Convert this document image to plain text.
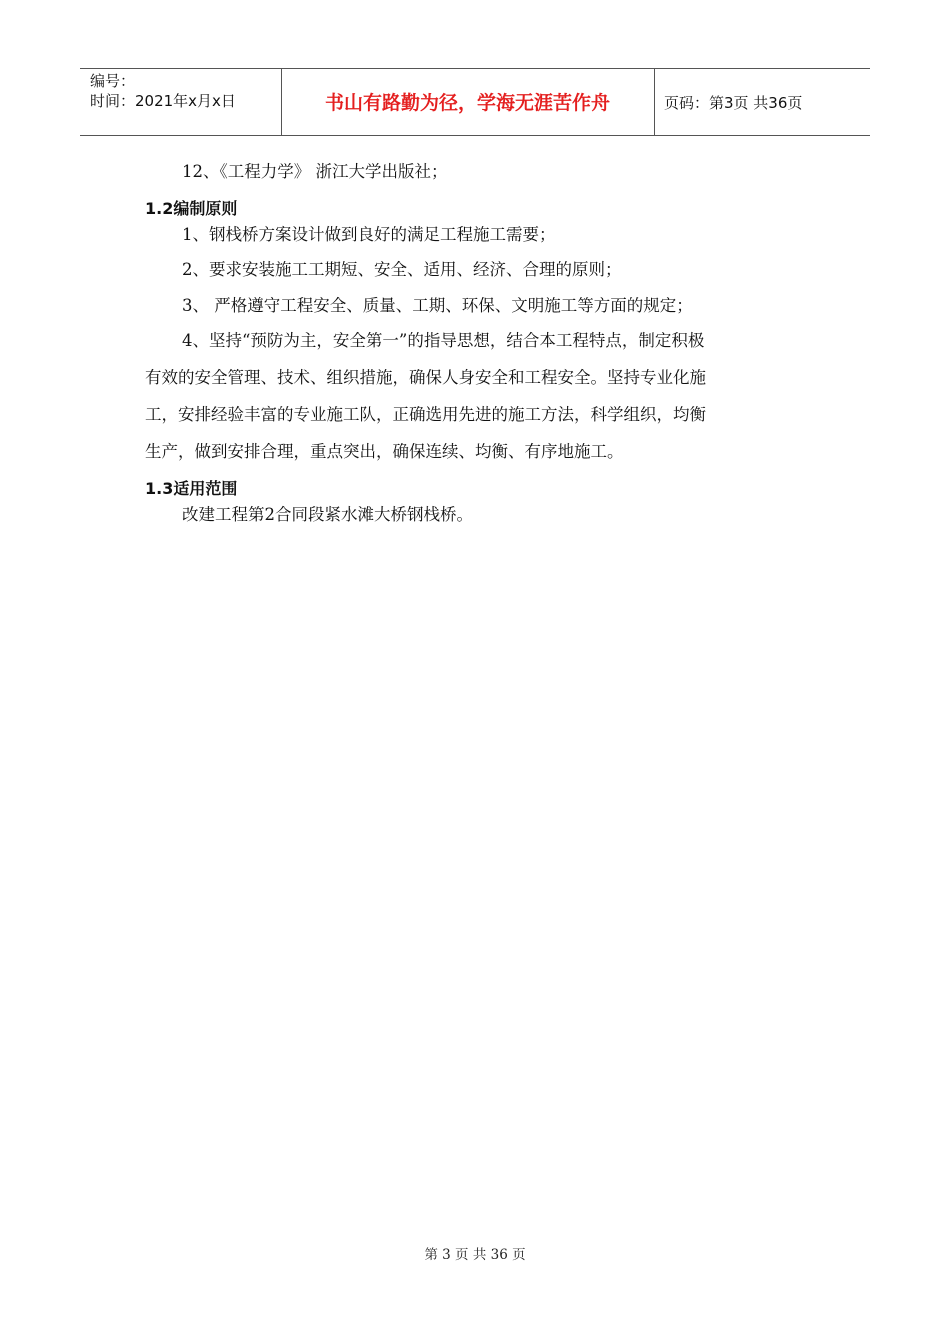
编号：
时间：2021年x月x日	书山有路勤为径，学海无涯苦作舟	页码：第3页 共36页
12、《工程力学》 浙江大学出版社；
1.2编制原则
1、钢栈桥方案设计做到良好的满足工程施工需要；
2、要求安装施工工期短、安全、适用、经济、合理的原则；
3、 严格遵守工程安全、质量、工期、环保、文明施工等方面的规定；
4、坚持“预防为主，安全第一”的指导思想，结合本工程特点，制定积极
有效的安全管理、技术、组织措施，确保人身安全和工程安全。坚持专业化施
工，安排经验丰富的专业施工队，正确选用先进的施工方法，科学组织，均衡
生产，做到安排合理，重点突出，确保连续、均衡、有序地施工。
1.3适用范围
改建工程第2合同段紧水滩大桥钢栈桥。
第 3 页 共 36 页
